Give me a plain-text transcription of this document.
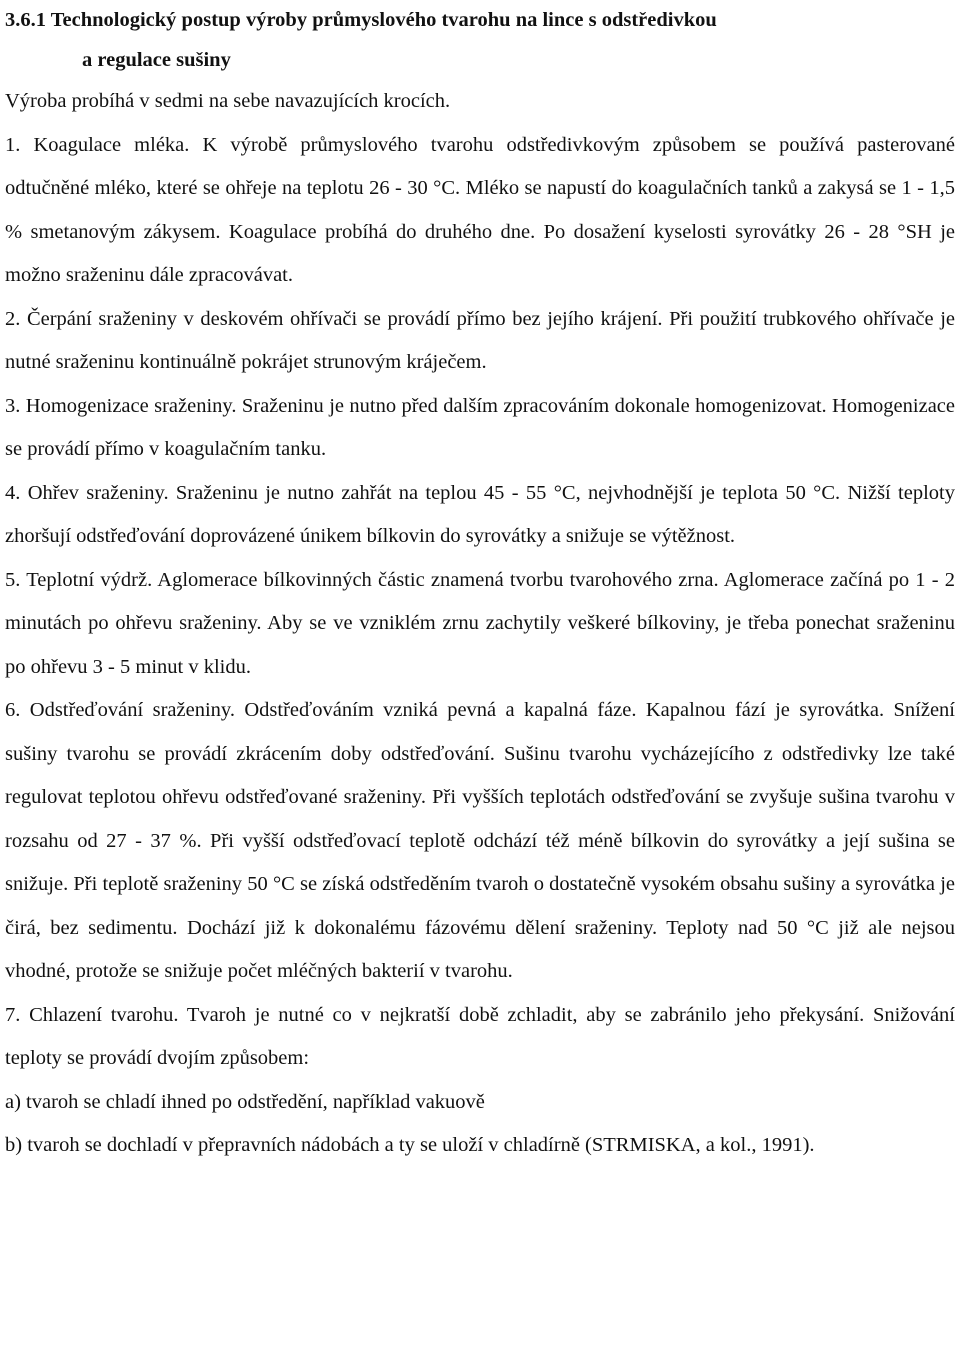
3.6.1 Technologický postup výroby průmyslového tvarohu na lince s odstředivkou
a regulace sušiny

Výroba probíhá v sedmi na sebe navazujících krocích.

1. Koagulace mléka. K výrobě průmyslového tvarohu odstředivkovým způsobem se používá pasterované odtučněné mléko, které se ohřeje na teplotu 26 - 30 °C. Mléko se napustí do koagulačních tanků a zakysá se 1 - 1,5 % smetanovým zákysem. Koagulace probíhá do druhého dne. Po dosažení kyselosti syrovátky 26 - 28 °SH je možno sraženinu dále zpracovávat.

2. Čerpání sraženiny v deskovém ohřívači se provádí přímo bez jejího krájení. Při použití trubkového ohřívače je nutné sraženinu kontinuálně pokrájet strunovým kráječem.

3. Homogenizace sraženiny. Sraženinu je nutno před dalším zpracováním dokonale homogenizovat. Homogenizace se provádí přímo v koagulačním tanku.

4. Ohřev sraženiny. Sraženinu je nutno zahřát na teplou 45 - 55 °C, nejvhodnější je teplota 50 °C. Nižší teploty zhoršují odstřeďování doprovázené únikem bílkovin do syrovátky a snižuje se výtěžnost.

5. Teplotní výdrž. Aglomerace bílkovinných částic znamená tvorbu tvarohového zrna. Aglomerace začíná po 1 - 2 minutách po ohřevu sraženiny. Aby se ve vzniklém zrnu zachytily veškeré bílkoviny, je třeba ponechat sraženinu po ohřevu 3 - 5 minut v klidu.

6. Odstřeďování sraženiny. Odstřeďováním vzniká pevná a kapalná fáze. Kapalnou fází je syrovátka. Snížení sušiny tvarohu se provádí zkrácením doby odstřeďování. Sušinu tvarohu vycházejícího z odstředivky lze také regulovat teplotou ohřevu odstřeďované sraženiny. Při vyšších teplotách odstřeďování se zvyšuje sušina tvarohu v rozsahu od 27 - 37 %. Při vyšší odstřeďovací teplotě odchází též méně bílkovin do syrovátky a její sušina se snižuje. Při teplotě sraženiny 50 °C se získá odstředěním tvaroh o dostatečně vysokém obsahu sušiny a syrovátka je čirá, bez sedimentu. Dochází již k dokonalému fázovému dělení sraženiny. Teploty nad 50 °C již ale nejsou vhodné, protože se snižuje počet mléčných bakterií v tvarohu.

7. Chlazení tvarohu. Tvaroh je nutné co v nejkratší době zchladit, aby se zabránilo jeho překysání. Snižování teploty se provádí dvojím způsobem:

a) tvaroh se chladí ihned po odstředění, například vakuově

b) tvaroh se dochladí v přepravních nádobách a ty se uloží v chladírně (STRMISKA, a kol., 1991).
